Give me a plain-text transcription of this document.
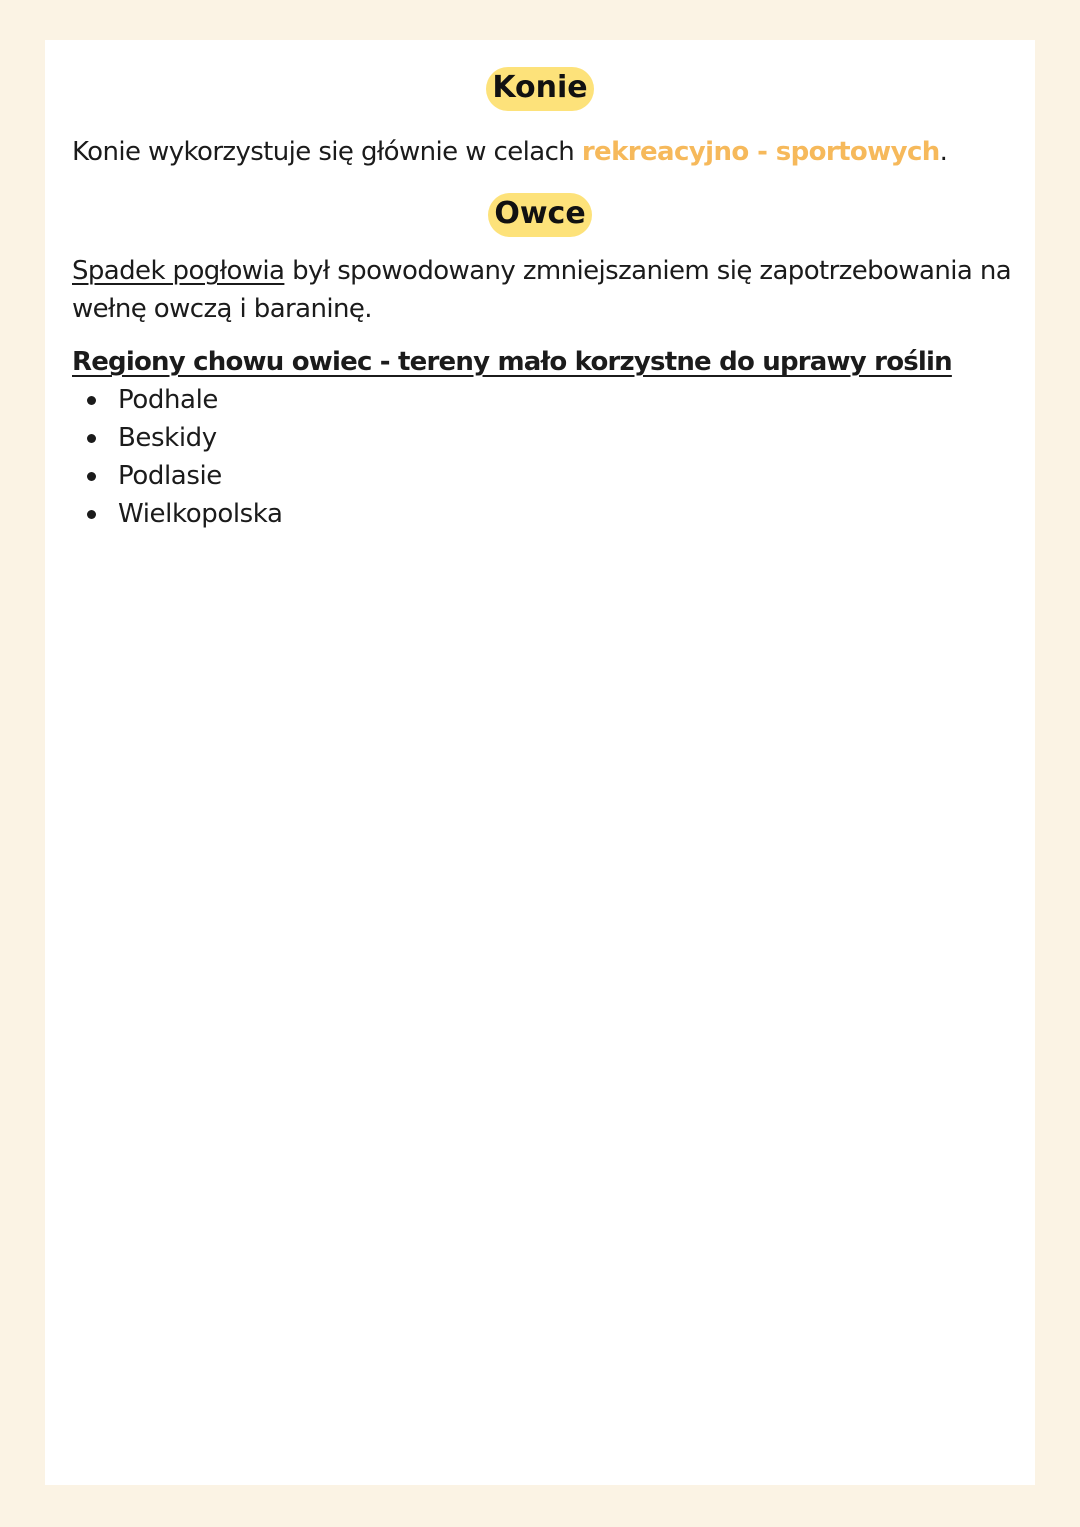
Konie
Konie wykorzystuje się głównie w celach rekreacyjno - sportowych.
Owce
Spadek pogłowia był spowodowany zmniejszaniem się zapotrzebowania na wełnę owczą i baraninę.
Regiony chowu owiec - tereny mało korzystne do uprawy roślin
Podhale
Beskidy
Podlasie
Wielkopolska
